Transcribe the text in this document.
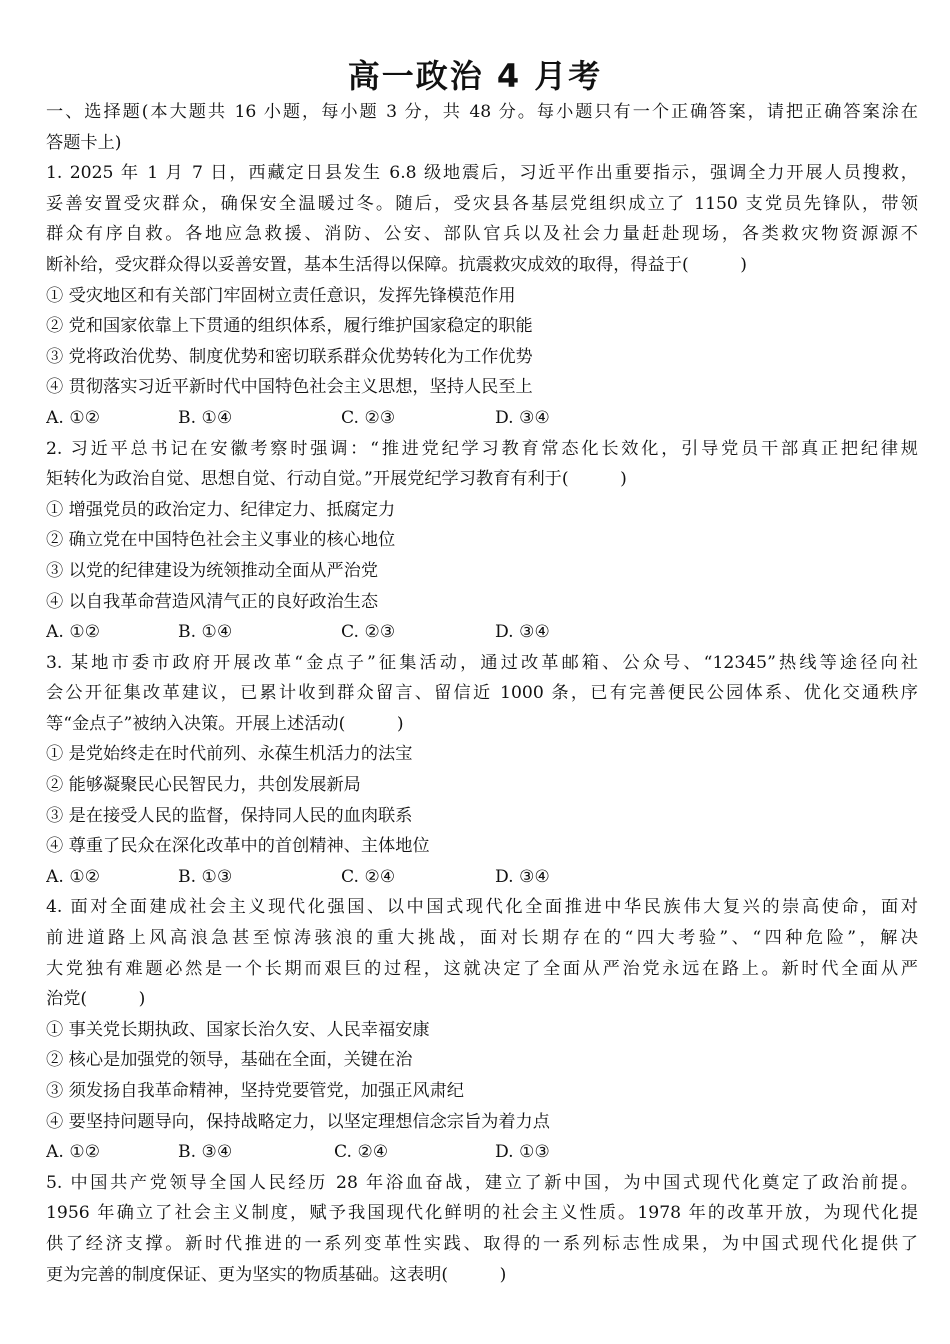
高一政治 4 月考
一、选择题(本大题共 16 小题，每小题 3 分，共 48 分。每小题只有一个正确答案，请把正确答案涂在
答题卡上)
1. 2025 年 1 月 7 日，西藏定日县发生 6.8 级地震后，习近平作出重要指示，强调全力开展人员搜救，
妥善安置受灾群众，确保安全温暖过冬。随后，受灾县各基层党组织成立了 1150 支党员先锋队，带领
群众有序自救。各地应急救援、消防、公安、部队官兵以及社会力量赶赴现场，各类救灾物资源源不
断补给，受灾群众得以妥善安置，基本生活得以保障。抗震救灾成效的取得，得益于(　　　)
① 受灾地区和有关部门牢固树立责任意识，发挥先锋模范作用
② 党和国家依靠上下贯通的组织体系，履行维护国家稳定的职能
③ 党将政治优势、制度优势和密切联系群众优势转化为工作优势
④ 贯彻落实习近平新时代中国特色社会主义思想，坚持人民至上
A. ①②	B. ①④	C. ②③	D. ③④
2. 习近平总书记在安徽考察时强调：“推进党纪学习教育常态化长效化，引导党员干部真正把纪律规
矩转化为政治自觉、思想自觉、行动自觉。”开展党纪学习教育有利于(　　　)
① 增强党员的政治定力、纪律定力、抵腐定力
② 确立党在中国特色社会主义事业的核心地位
③ 以党的纪律建设为统领推动全面从严治党
④ 以自我革命营造风清气正的良好政治生态
A. ①②	B. ①④	C. ②③	D. ③④
3. 某地市委市政府开展改革“金点子”征集活动，通过改革邮箱、公众号、“12345”热线等途径向社
会公开征集改革建议，已累计收到群众留言、留信近 1000 条，已有完善便民公园体系、优化交通秩序
等“金点子”被纳入决策。开展上述活动(　　　)
① 是党始终走在时代前列、永葆生机活力的法宝
② 能够凝聚民心民智民力，共创发展新局
③ 是在接受人民的监督，保持同人民的血肉联系
④ 尊重了民众在深化改革中的首创精神、主体地位
A. ①②	B. ①③	C. ②④	D. ③④
4. 面对全面建成社会主义现代化强国、以中国式现代化全面推进中华民族伟大复兴的崇高使命，面对
前进道路上风高浪急甚至惊涛骇浪的重大挑战，面对长期存在的“四大考验”、“四种危险”，解决
大党独有难题必然是一个长期而艰巨的过程，这就决定了全面从严治党永远在路上。新时代全面从严
治党(　　　)
① 事关党长期执政、国家长治久安、人民幸福安康
② 核心是加强党的领导，基础在全面，关键在治
③ 须发扬自我革命精神，坚持党要管党，加强正风肃纪
④ 要坚持问题导向，保持战略定力，以坚定理想信念宗旨为着力点
A. ①②	B. ③④	C. ②④	D. ①③
5. 中国共产党领导全国人民经历 28 年浴血奋战，建立了新中国，为中国式现代化奠定了政治前提。
1956 年确立了社会主义制度，赋予我国现代化鲜明的社会主义性质。1978 年的改革开放，为现代化提
供了经济支撑。新时代推进的一系列变革性实践、取得的一系列标志性成果，为中国式现代化提供了
更为完善的制度保证、更为坚实的物质基础。这表明(　　　)
